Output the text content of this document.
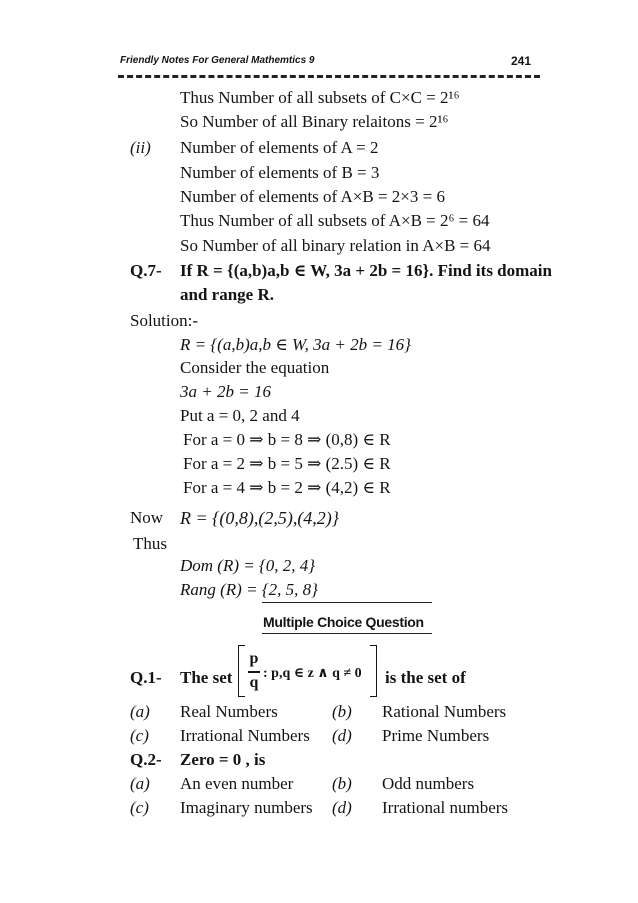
Friendly Notes For General Mathemtics 9	241
Thus Number of all subsets of C×C = 2¹⁶
So Number of all Binary relaitons = 2¹⁶
(ii) Number of elements of A = 2
Number of elements of B = 3
Number of elements of A×B = 2×3 = 6
Thus Number of all subsets of A×B = 2⁶ = 64
So Number of all binary relation in A×B = 64
Q.7- If R = {(a,b)a,b ∈ W, 3a + 2b = 16}. Find its domain
and range R.
Solution:-
R = {(a,b)a,b ∈ W, 3a + 2b = 16}
Consider the equation
3a + 2b = 16
Put a = 0, 2 and 4
For a = 0 ⇒ b = 8 ⇒ (0,8) ∈ R
For a = 2 ⇒ b = 5 ⇒ (2.5) ∈ R
For a = 4 ⇒ b = 2 ⇒ (4,2) ∈ R
Now R = {(0,8),(2,5),(4,2)}
Thus
Dom (R) = {0, 2, 4}
Rang (R) = {2, 5, 8}
Multiple Choice Question
Q.1- The set
p
q
: p,q ∈ z ∧ q ≠ 0 is the set of
(a) Real Numbers	(b) Rational Numbers
(c) Irrational Numbers (d) Prime Numbers
Q.2- Zero = 0 , is
(a) An even number (b) Odd numbers
(c) Imaginary numbers (d) Irrational numbers
